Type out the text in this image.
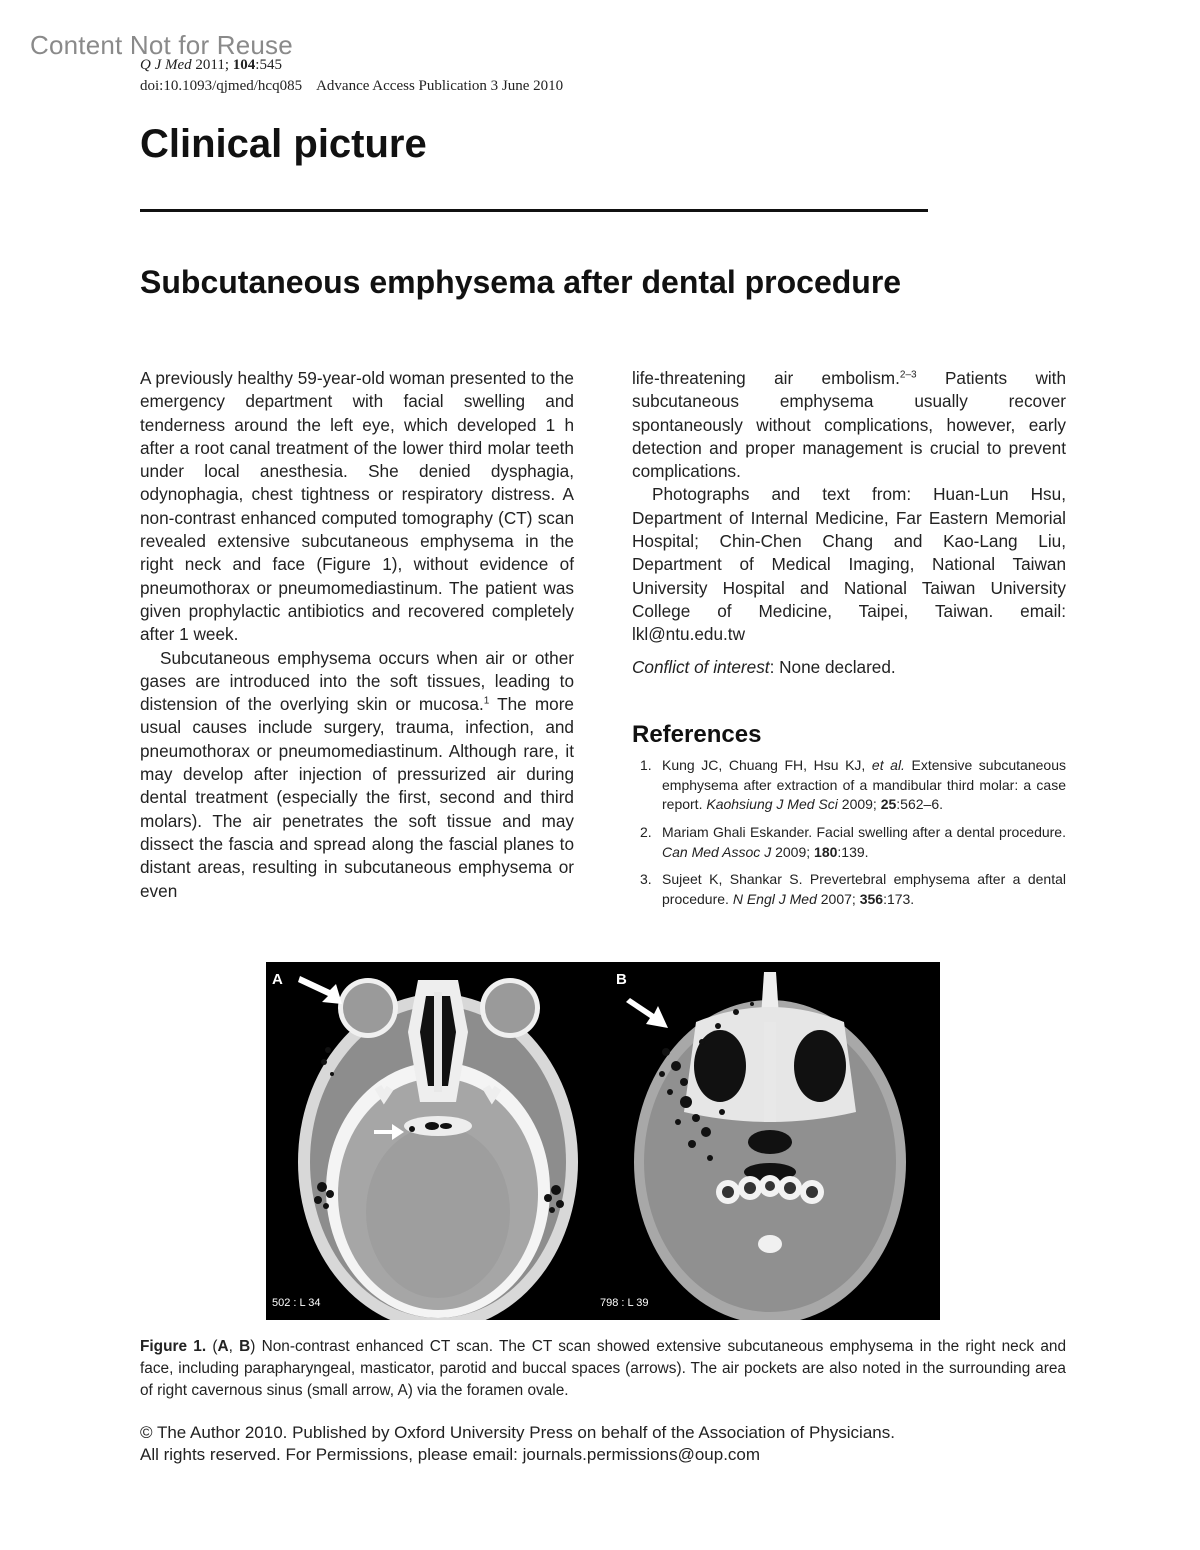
Content Not for Reuse
Q J Med 2011; 104:545
doi:10.1093/qjmed/hcq085 Advance Access Publication 3 June 2010
Clinical picture
Subcutaneous emphysema after dental procedure

A previously healthy 59-year-old woman presented to the emergency department with facial swelling and tenderness around the left eye, which developed 1 h after a root canal treatment of the lower third molar teeth under local anesthesia. She denied dysphagia, odynophagia, chest tightness or respiratory distress. A non-contrast enhanced computed tomography (CT) scan revealed extensive subcutaneous emphysema in the right neck and face (Figure 1), without evidence of pneumothorax or pneumomediastinum. The patient was given prophylactic antibiotics and recovered completely after 1 week.

Subcutaneous emphysema occurs when air or other gases are introduced into the soft tissues, leading to distension of the overlying skin or mucosa.$^1$ The more usual causes include surgery, trauma, infection, and pneumothorax or pneumomediastinum. Although rare, it may develop after injection of pressurized air during dental treatment (especially the first, second and third molars). The air penetrates the soft tissue and may dissect the fascia and spread along the fascial planes to distant areas, resulting in subcutaneous emphysema or even

life-threatening air embolism.$^{2-3}$ Patients with subcutaneous emphysema usually recover spontaneously without complications, however, early detection and proper management is crucial to prevent complications.

Photographs and text from: Huan-Lun Hsu, Department of Internal Medicine, Far Eastern Memorial Hospital; Chin-Chen Chang and Kao-Lang Liu, Department of Medical Imaging, National Taiwan University Hospital and National Taiwan University College of Medicine, Taipei, Taiwan. email: lkl@ntu.edu.tw

Conflict of interest: None declared.

References
1. Kung JC, Chuang FH, Hsu KJ, et al. Extensive subcutaneous emphysema after extraction of a mandibular third molar: a case report. Kaohsiung J Med Sci 2009; 25:562–6.
2. Mariam Ghali Eskander. Facial swelling after a dental procedure. Can Med Assoc J 2009; 180:139.
3. Sujeet K, Shankar S. Prevertebral emphysema after a dental procedure. N Engl J Med 2007; 356:173.
A
502 : L 34
B
798 : L 39

Figure 1. (A, B) Non-contrast enhanced CT scan. The CT scan showed extensive subcutaneous emphysema in the right neck and face, including parapharyngeal, masticator, parotid and buccal spaces (arrows). The air pockets are also noted in the surrounding area of right cavernous sinus (small arrow, A) via the foramen ovale.

© The Author 2010. Published by Oxford University Press on behalf of the Association of Physicians.

All rights reserved. For Permissions, please email: journals.permissions@oup.com
